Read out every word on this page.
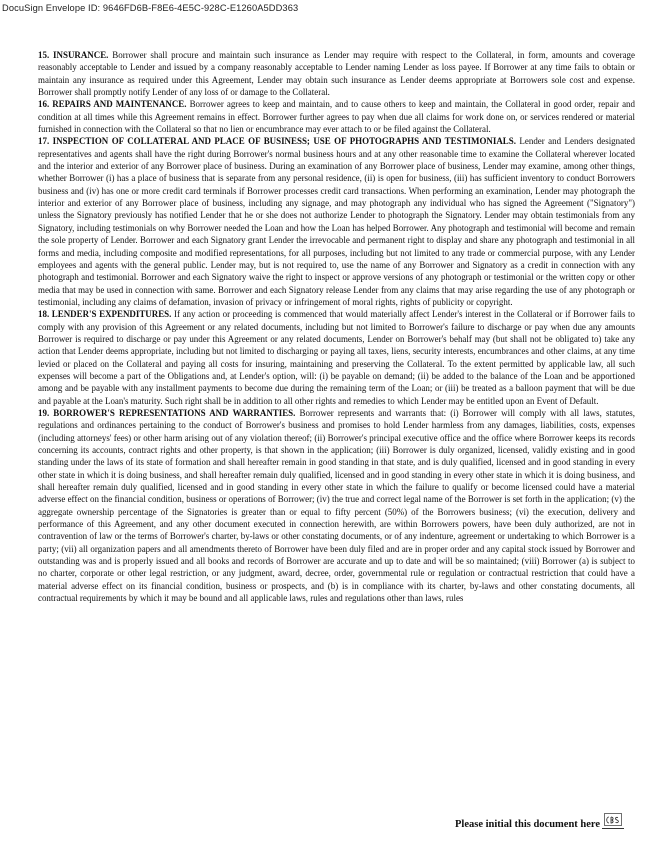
DocuSign Envelope ID: 9646FD6B-F8E6-4E5C-928C-E1260A5DD363

15. INSURANCE. Borrower shall procure and maintain such insurance as Lender may require with respect to the Collateral, in form, amounts and coverage reasonably acceptable to Lender and issued by a company reasonably acceptable to Lender naming Lender as loss payee. If Borrower at any time fails to obtain or maintain any insurance as required under this Agreement, Lender may obtain such insurance as Lender deems appropriate at Borrowers sole cost and expense. Borrower shall promptly notify Lender of any loss of or damage to the Collateral.

16. REPAIRS AND MAINTENANCE. Borrower agrees to keep and maintain, and to cause others to keep and maintain, the Collateral in good order, repair and condition at all times while this Agreement remains in effect. Borrower further agrees to pay when due all claims for work done on, or services rendered or material furnished in connection with the Collateral so that no lien or encumbrance may ever attach to or be filed against the Collateral.

17. INSPECTION OF COLLATERAL AND PLACE OF BUSINESS; USE OF PHOTOGRAPHS AND TESTIMONIALS. Lender and Lenders designated representatives and agents shall have the right during Borrower's normal business hours and at any other reasonable time to examine the Collateral wherever located and the interior and exterior of any Borrower place of business. During an examination of any Borrower place of business, Lender may examine, among other things, whether Borrower (i) has a place of business that is separate from any personal residence, (ii) is open for business, (iii) has sufficient inventory to conduct Borrowers business and (iv) has one or more credit card terminals if Borrower processes credit card transactions. When performing an examination, Lender may photograph the interior and exterior of any Borrower place of business, including any signage, and may photograph any individual who has signed the Agreement ("Signatory") unless the Signatory previously has notified Lender that he or she does not authorize Lender to photograph the Signatory. Lender may obtain testimonials from any Signatory, including testimonials on why Borrower needed the Loan and how the Loan has helped Borrower. Any photograph and testimonial will become and remain the sole property of Lender. Borrower and each Signatory grant Lender the irrevocable and permanent right to display and share any photograph and testimonial in all forms and media, including composite and modified representations, for all purposes, including but not limited to any trade or commercial purpose, with any Lender employees and agents with the general public. Lender may, but is not required to, use the name of any Borrower and Signatory as a credit in connection with any photograph and testimonial. Borrower and each Signatory waive the right to inspect or approve versions of any photograph or testimonial or the written copy or other media that may be used in connection with same. Borrower and each Signatory release Lender from any claims that may arise regarding the use of any photograph or testimonial, including any claims of defamation, invasion of privacy or infringement of moral rights, rights of publicity or copyright.

18. LENDER'S EXPENDITURES. If any action or proceeding is commenced that would materially affect Lender's interest in the Collateral or if Borrower fails to comply with any provision of this Agreement or any related documents, including but not limited to Borrower's failure to discharge or pay when due any amounts Borrower is required to discharge or pay under this Agreement or any related documents, Lender on Borrower's behalf may (but shall not be obligated to) take any action that Lender deems appropriate, including but not limited to discharging or paying all taxes, liens, security interests, encumbrances and other claims, at any time levied or placed on the Collateral and paying all costs for insuring, maintaining and preserving the Collateral. To the extent permitted by applicable law, all such expenses will become a part of the Obligations and, at Lender's option, will: (i) be payable on demand; (ii) be added to the balance of the Loan and be apportioned among and be payable with any installment payments to become due during the remaining term of the Loan; or (iii) be treated as a balloon payment that will be due and payable at the Loan's maturity. Such right shall be in addition to all other rights and remedies to which Lender may be entitled upon an Event of Default.

19. BORROWER'S REPRESENTATIONS AND WARRANTIES. Borrower represents and warrants that: (i) Borrower will comply with all laws, statutes, regulations and ordinances pertaining to the conduct of Borrower's business and promises to hold Lender harmless from any damages, liabilities, costs, expenses (including attorneys' fees) or other harm arising out of any violation thereof; (ii) Borrower's principal executive office and the office where Borrower keeps its records concerning its accounts, contract rights and other property, is that shown in the application; (iii) Borrower is duly organized, licensed, validly existing and in good standing under the laws of its state of formation and shall hereafter remain in good standing in that state, and is duly qualified, licensed and in good standing in every other state in which it is doing business, and shall hereafter remain duly qualified, licensed and in good standing in every other state in which it is doing business, and shall hereafter remain duly qualified, licensed and in good standing in every other state in which the failure to qualify or become licensed could have a material adverse effect on the financial condition, business or operations of Borrower; (iv) the true and correct legal name of the Borrower is set forth in the application; (v) the aggregate ownership percentage of the Signatories is greater than or equal to fifty percent (50%) of the Borrowers business; (vi) the execution, delivery and performance of this Agreement, and any other document executed in connection herewith, are within Borrowers powers, have been duly authorized, are not in contravention of law or the terms of Borrower's charter, by-laws or other constating documents, or of any indenture, agreement or undertaking to which Borrower is a party; (vii) all organization papers and all amendments thereto of Borrower have been duly filed and are in proper order and any capital stock issued by Borrower and outstanding was and is properly issued and all books and records of Borrower are accurate and up to date and will be so maintained; (viii) Borrower (a) is subject to no charter, corporate or other legal restriction, or any judgment, award, decree, order, governmental rule or regulation or contractual restriction that could have a material adverse effect on its financial condition, business or prospects, and (b) is in compliance with its charter, by-laws and other constating documents, all contractual requirements by which it may be bound and all applicable laws, rules and regulations other than laws, rules

Please initial this document here
